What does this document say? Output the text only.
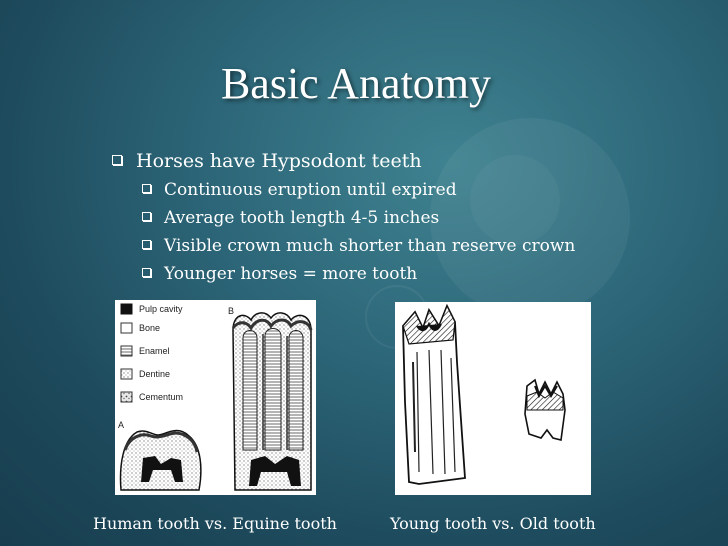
Basic Anatomy
Horses have Hypsodont teeth
Continuous eruption until expired
Average tooth length 4-5 inches
Visible crown much shorter than reserve crown
Younger horses = more tooth
Pulp cavity
Bone
Enamel
Dentine
Cementum
B
A
Human tooth vs. Equine tooth	Young tooth vs. Old tooth
